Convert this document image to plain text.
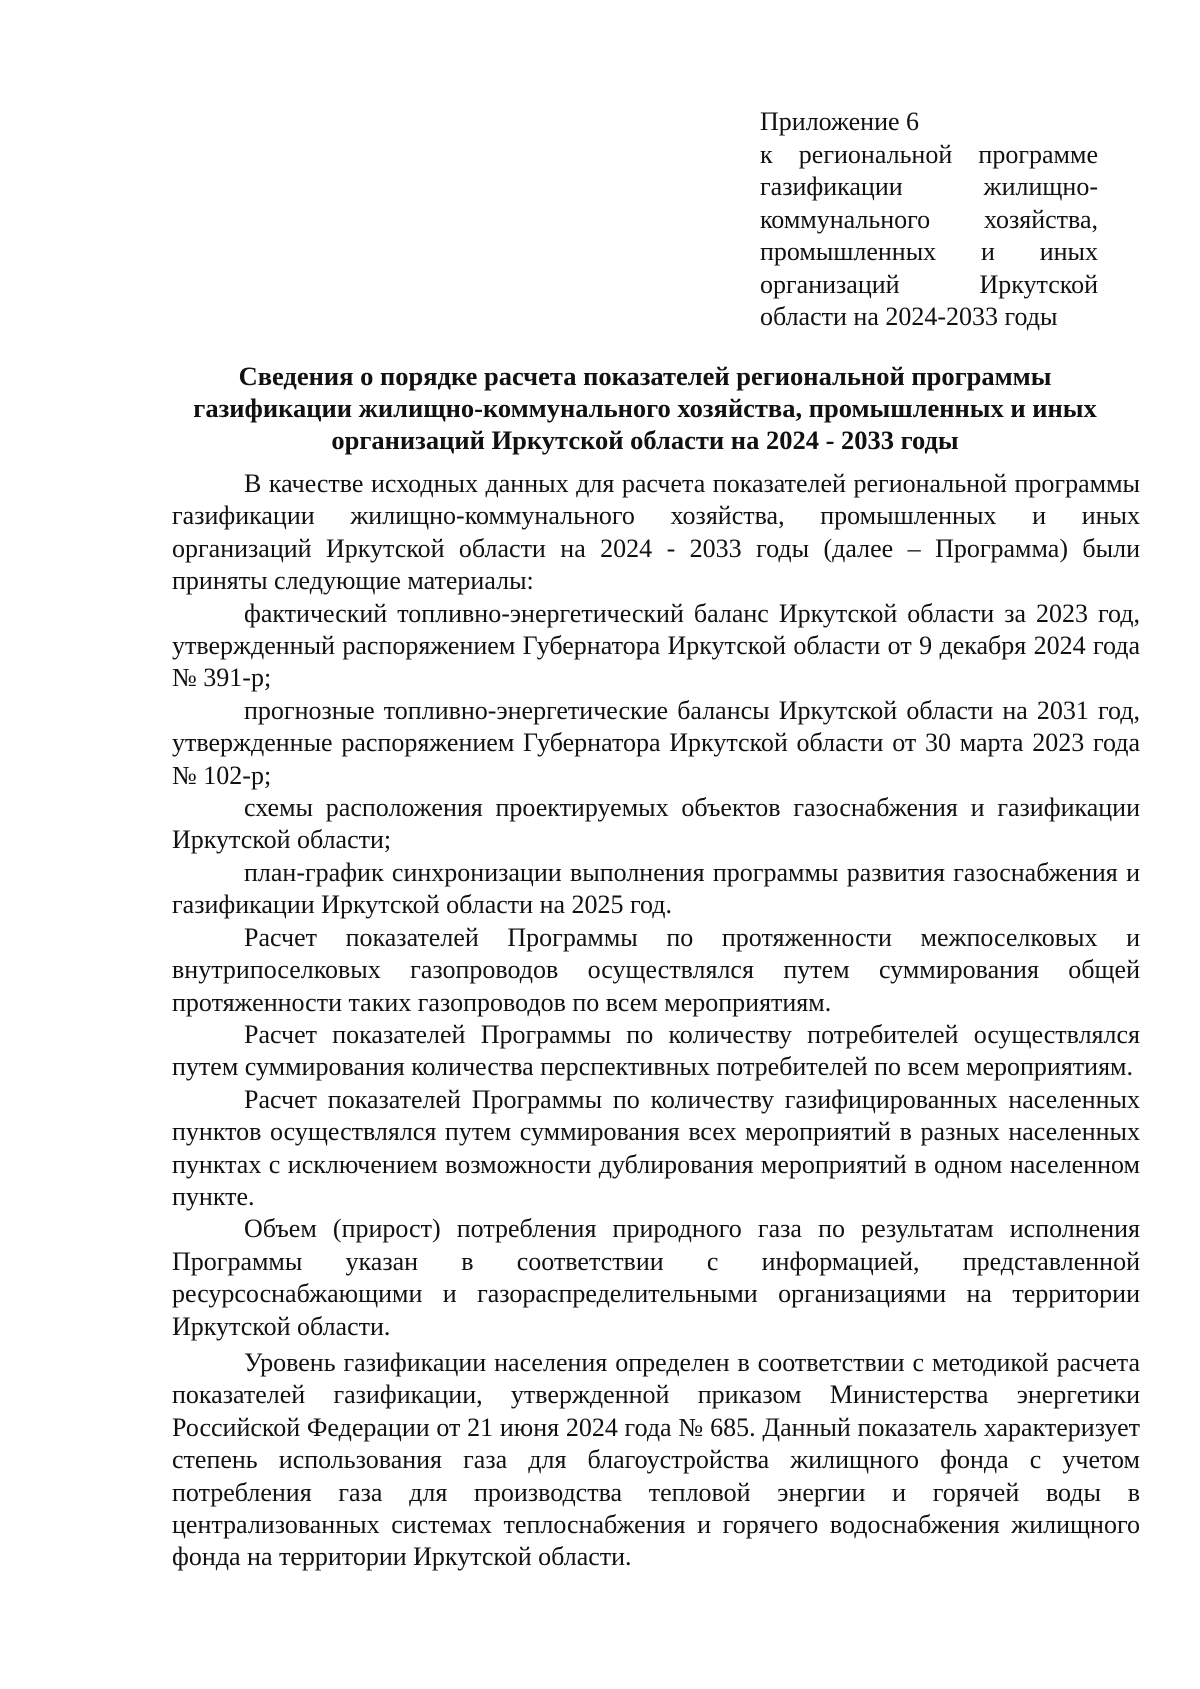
Приложение 6
к региональной программе
газификации жилищно-
коммунального хозяйства,
промышленных и иных
организаций Иркутской
области на 2024-2033 годы
Сведения о порядке расчета показателей региональной программы
газификации жилищно-коммунального хозяйства, промышленных и иных
организаций Иркутской области на 2024 - 2033 годы

В качестве исходных данных для расчета показателей региональной программы газификации жилищно-коммунального хозяйства, промышленных и иных организаций Иркутской области на 2024 - 2033 годы (далее – Программа) были приняты следующие материалы:

фактический топливно-энергетический баланс Иркутской области за 2023 год, утвержденный распоряжением Губернатора Иркутской области от 9 декабря 2024 года № 391-р;

прогнозные топливно-энергетические балансы Иркутской области на 2031 год, утвержденные распоряжением Губернатора Иркутской области от 30 марта 2023 года № 102-р;

схемы расположения проектируемых объектов газоснабжения и газификации Иркутской области;

план-график синхронизации выполнения программы развития газоснабжения и газификации Иркутской области на 2025 год.

Расчет показателей Программы по протяженности межпоселковых и внутрипоселковых газопроводов осуществлялся путем суммирования общей протяженности таких газопроводов по всем мероприятиям.

Расчет показателей Программы по количеству потребителей осуществлялся путем суммирования количества перспективных потребителей по всем мероприятиям.

Расчет показателей Программы по количеству газифицированных населенных пунктов осуществлялся путем суммирования всех мероприятий в разных населенных пунктах с исключением возможности дублирования мероприятий в одном населенном пункте.

Объем (прирост) потребления природного газа по результатам исполнения Программы указан в соответствии с информацией, представленной ресурсоснабжающими и газораспределительными организациями на территории Иркутской области.

Уровень газификации населения определен в соответствии с методикой расчета показателей газификации, утвержденной приказом Министерства энергетики Российской Федерации от 21 июня 2024 года № 685. Данный показатель характеризует степень использования газа для благоустройства жилищного фонда с учетом потребления газа для производства тепловой энергии и горячей воды в централизованных системах теплоснабжения и горячего водоснабжения жилищного фонда на территории Иркутской области.
